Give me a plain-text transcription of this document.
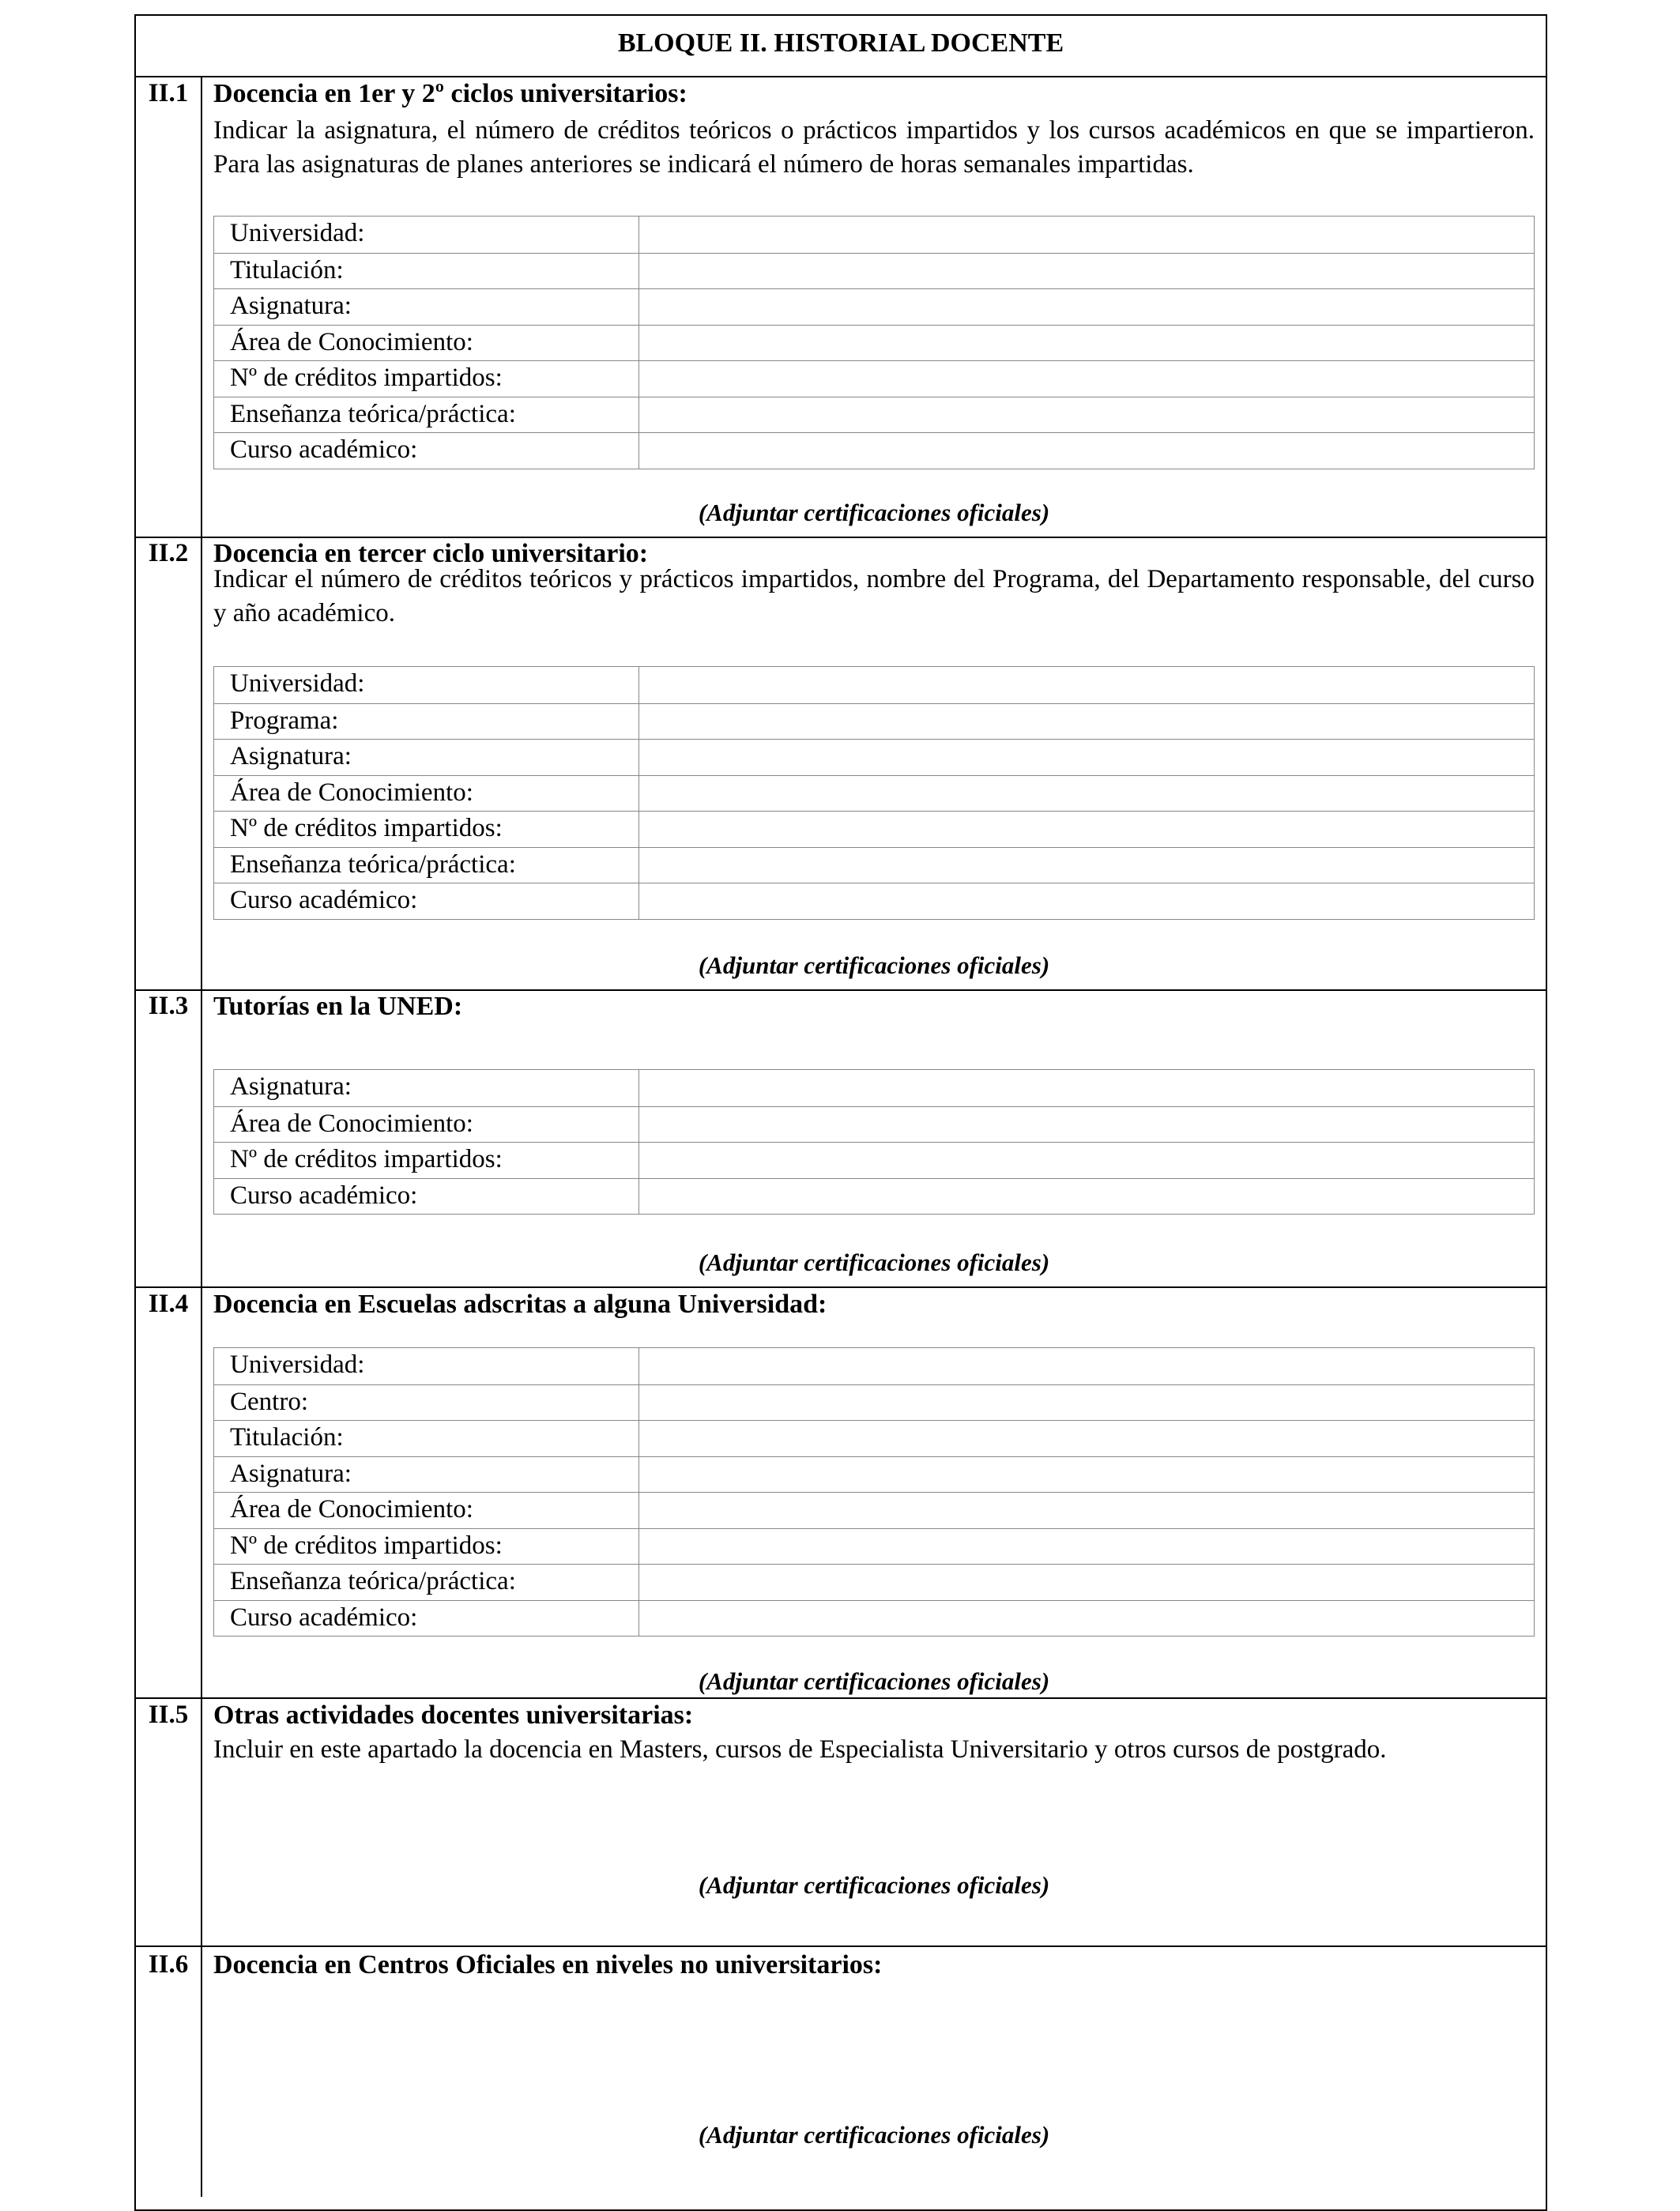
BLOQUE II. HISTORIAL DOCENTE
II.1 Docencia en 1er y 2º ciclos universitarios:
Indicar la asignatura, el número de créditos teóricos o prácticos impartidos y los cursos académicos en que se impartieron. Para las asignaturas de planes anteriores se indicará el número de horas semanales impartidas.
Universidad:
Titulación:
Asignatura:
Área de Conocimiento:
Nº de créditos impartidos:
Enseñanza teórica/práctica:
Curso académico:
(Adjuntar certificaciones oficiales)
II.2 Docencia en tercer ciclo universitario:
Indicar el número de créditos teóricos y prácticos impartidos, nombre del Programa, del Departamento responsable, del curso y año académico.
Universidad:
Programa:
Asignatura:
Área de Conocimiento:
Nº de créditos impartidos:
Enseñanza teórica/práctica:
Curso académico:
(Adjuntar certificaciones oficiales)
II.3 Tutorías en la UNED:
Asignatura:
Área de Conocimiento:
Nº de créditos impartidos:
Curso académico:
(Adjuntar certificaciones oficiales)
II.4 Docencia en Escuelas adscritas a alguna Universidad:
Universidad:
Centro:
Titulación:
Asignatura:
Área de Conocimiento:
Nº de créditos impartidos:
Enseñanza teórica/práctica:
Curso académico:
(Adjuntar certificaciones oficiales)
II.5 Otras actividades docentes universitarias:
Incluir en este apartado la docencia en Masters, cursos de Especialista Universitario y otros cursos de postgrado.
(Adjuntar certificaciones oficiales)
II.6 Docencia en Centros Oficiales en niveles no universitarios:
(Adjuntar certificaciones oficiales)
